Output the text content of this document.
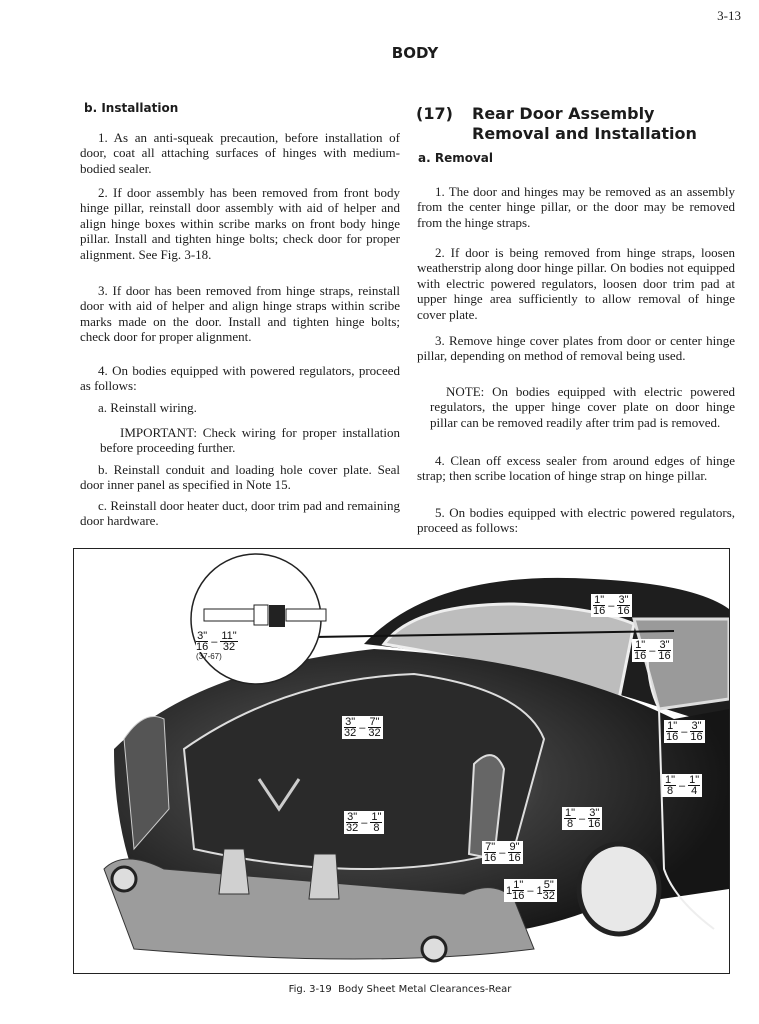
3-13
BODY
b. Installation

1. As an anti-squeak precaution, before installation of door, coat all attaching surfaces of hinges with medium-bodied sealer.

2. If door assembly has been removed from front body hinge pillar, reinstall door assembly with aid of helper and align hinge boxes within scribe marks on front body hinge pillar. Install and tighten hinge bolts; check door for proper alignment. See Fig. 3-18.

3. If door has been removed from hinge straps, reinstall door with aid of helper and align hinge straps within scribe marks made on the door. Install and tighten hinge bolts; check door for proper alignment.

4. On bodies equipped with powered regulators, proceed as follows:

a. Reinstall wiring.

IMPORTANT: Check wiring for proper installation before proceeding further.

b. Reinstall conduit and loading hole cover plate. Seal door inner panel as specified in Note 15.

c. Reinstall door heater duct, door trim pad and remaining door hardware.

(17) Rear Door Assembly
Removal and Installation
a. Removal

1. The door and hinges may be removed as an assembly from the center hinge pillar, or the door may be removed from the hinge straps.

2. If door is being removed from hinge straps, loosen weatherstrip along door hinge pillar. On bodies not equipped with electric powered regulators, loosen door trim pad at upper hinge area sufficiently to allow removal of hinge cover plate.

3. Remove hinge cover plates from door or center hinge pillar, depending on method of removal being used.

NOTE: On bodies equipped with electric powered regulators, the upper hinge cover plate on door hinge pillar can be removed readily after trim pad is removed.

4. Clean off excess sealer from around edges of hinge strap; then scribe location of hinge strap on hinge pillar.

5. On bodies equipped with electric powered regulators, proceed as follows:

$\frac{3"}{16} - \frac{11"}{32}$
(37-67)
$\frac{1"}{16} - \frac{3"}{16}$
$\frac{1"}{16} - \frac{3"}{16}$
$\frac{3"}{32} - \frac{7"}{32}$	$\frac{1"}{16} - \frac{3"}{16}$
$\frac{1"}{8} - \frac{1"}{4}$
$\frac{3"}{32} - \frac{1"}{8}$	$\frac{1"}{8} - \frac{3"}{16}$
$\frac{7"}{16} - \frac{9"}{16}$
$1 \frac{1"}{16} - 1 \frac{5"}{32}$
Fig. 3-19  Body Sheet Metal Clearances-Rear
